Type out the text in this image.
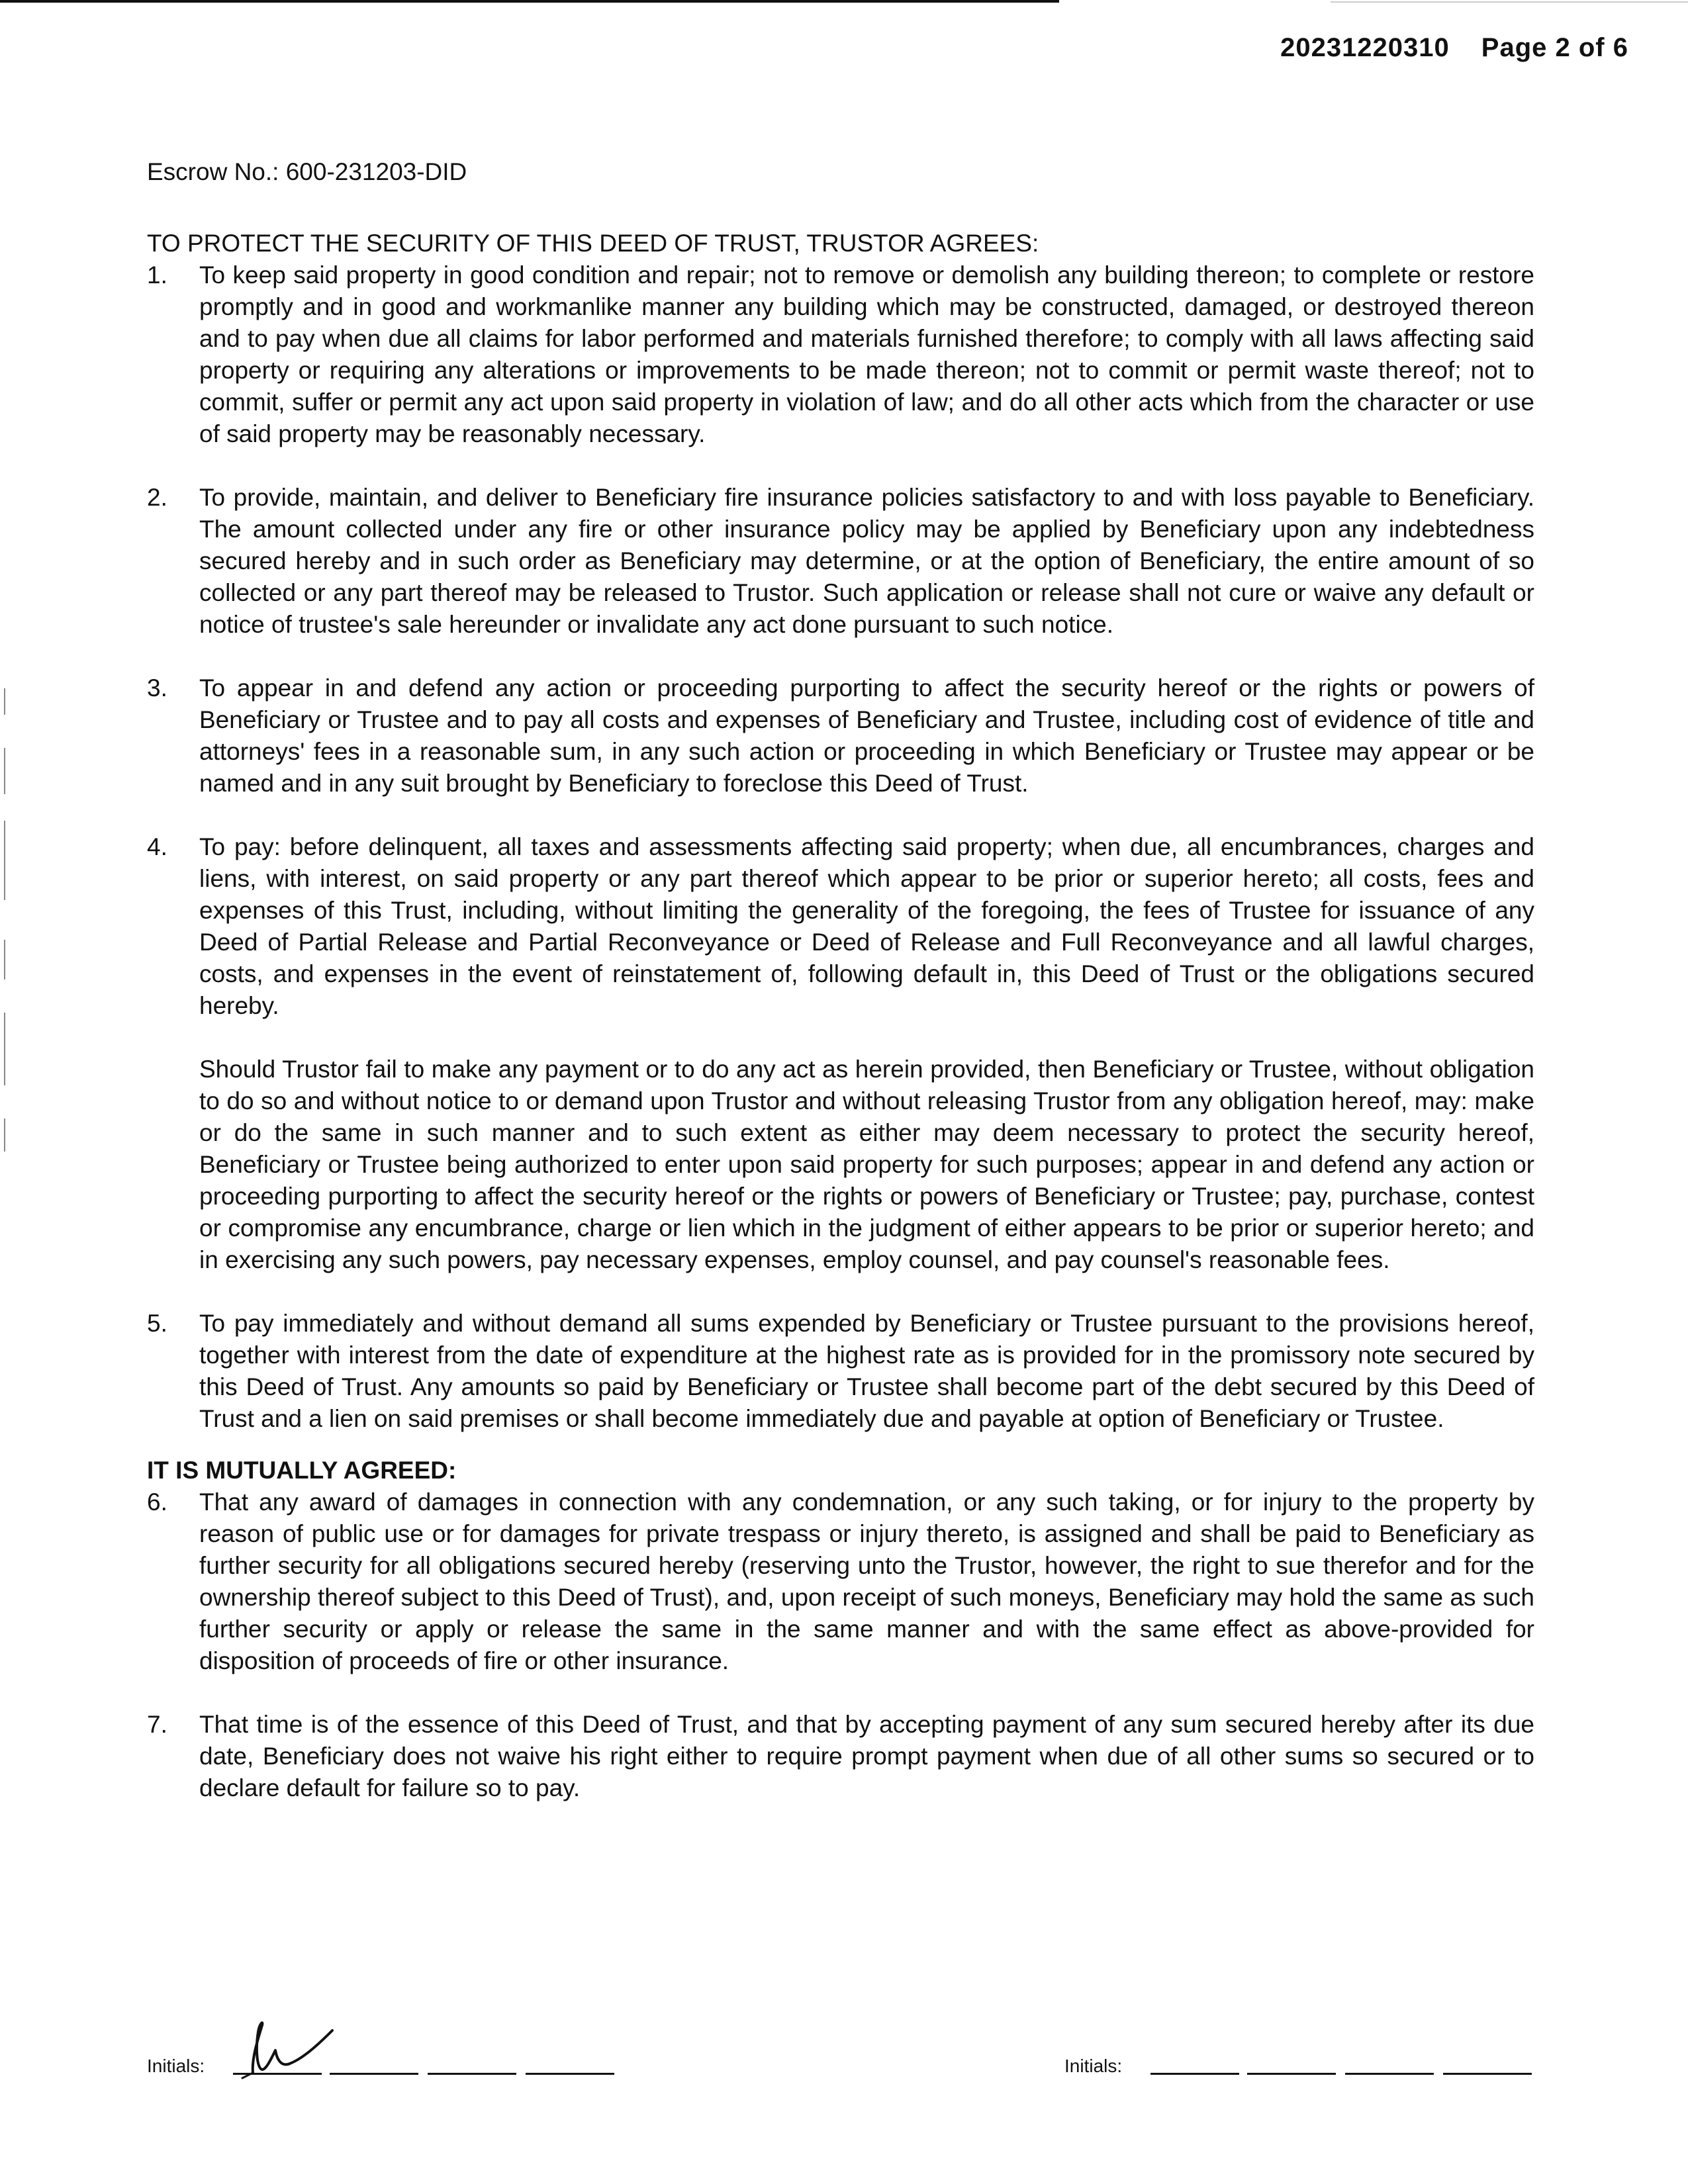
20231220310 Page 2 of 6
Escrow No.: 600-231203-DID

TO PROTECT THE SECURITY OF THIS DEED OF TRUST, TRUSTOR AGREES:

1. To keep said property in good condition and repair; not to remove or demolish any building thereon; to complete or restore promptly and in good and workmanlike manner any building which may be constructed, damaged, or destroyed thereon and to pay when due all claims for labor performed and materials furnished therefore; to comply with all laws affecting said property or requiring any alterations or improvements to be made thereon; not to commit or permit waste thereof; not to commit, suffer or permit any act upon said property in violation of law; and do all other acts which from the character or use of said property may be reasonably necessary.

2. To provide, maintain, and deliver to Beneficiary fire insurance policies satisfactory to and with loss payable to Beneficiary. The amount collected under any fire or other insurance policy may be applied by Beneficiary upon any indebtedness secured hereby and in such order as Beneficiary may determine, or at the option of Beneficiary, the entire amount of so collected or any part thereof may be released to Trustor. Such application or release shall not cure or waive any default or notice of trustee's sale hereunder or invalidate any act done pursuant to such notice.

3. To appear in and defend any action or proceeding purporting to affect the security hereof or the rights or powers of Beneficiary or Trustee and to pay all costs and expenses of Beneficiary and Trustee, including cost of evidence of title and attorneys' fees in a reasonable sum, in any such action or proceeding in which Beneficiary or Trustee may appear or be named and in any suit brought by Beneficiary to foreclose this Deed of Trust.

4. To pay: before delinquent, all taxes and assessments affecting said property; when due, all encumbrances, charges and liens, with interest, on said property or any part thereof which appear to be prior or superior hereto; all costs, fees and expenses of this Trust, including, without limiting the generality of the foregoing, the fees of Trustee for issuance of any Deed of Partial Release and Partial Reconveyance or Deed of Release and Full Reconveyance and all lawful charges, costs, and expenses in the event of reinstatement of, following default in, this Deed of Trust or the obligations secured hereby.

Should Trustor fail to make any payment or to do any act as herein provided, then Beneficiary or Trustee, without obligation to do so and without notice to or demand upon Trustor and without releasing Trustor from any obligation hereof, may: make or do the same in such manner and to such extent as either may deem necessary to protect the security hereof, Beneficiary or Trustee being authorized to enter upon said property for such purposes; appear in and defend any action or proceeding purporting to affect the security hereof or the rights or powers of Beneficiary or Trustee; pay, purchase, contest or compromise any encumbrance, charge or lien which in the judgment of either appears to be prior or superior hereto; and in exercising any such powers, pay necessary expenses, employ counsel, and pay counsel's reasonable fees.

5. To pay immediately and without demand all sums expended by Beneficiary or Trustee pursuant to the provisions hereof, together with interest from the date of expenditure at the highest rate as is provided for in the promissory note secured by this Deed of Trust. Any amounts so paid by Beneficiary or Trustee shall become part of the debt secured by this Deed of Trust and a lien on said premises or shall become immediately due and payable at option of Beneficiary or Trustee.

IT IS MUTUALLY AGREED:

6. That any award of damages in connection with any condemnation, or any such taking, or for injury to the property by reason of public use or for damages for private trespass or injury thereto, is assigned and shall be paid to Beneficiary as further security for all obligations secured hereby (reserving unto the Trustor, however, the right to sue therefor and for the ownership thereof subject to this Deed of Trust), and, upon receipt of such moneys, Beneficiary may hold the same as such further security or apply or release the same in the same manner and with the same effect as above-provided for disposition of proceeds of fire or other insurance.

7. That time is of the essence of this Deed of Trust, and that by accepting payment of any sum secured hereby after its due date, Beneficiary does not waive his right either to require prompt payment when due of all other sums so secured or to declare default for failure so to pay.

Initials:	Initials:
